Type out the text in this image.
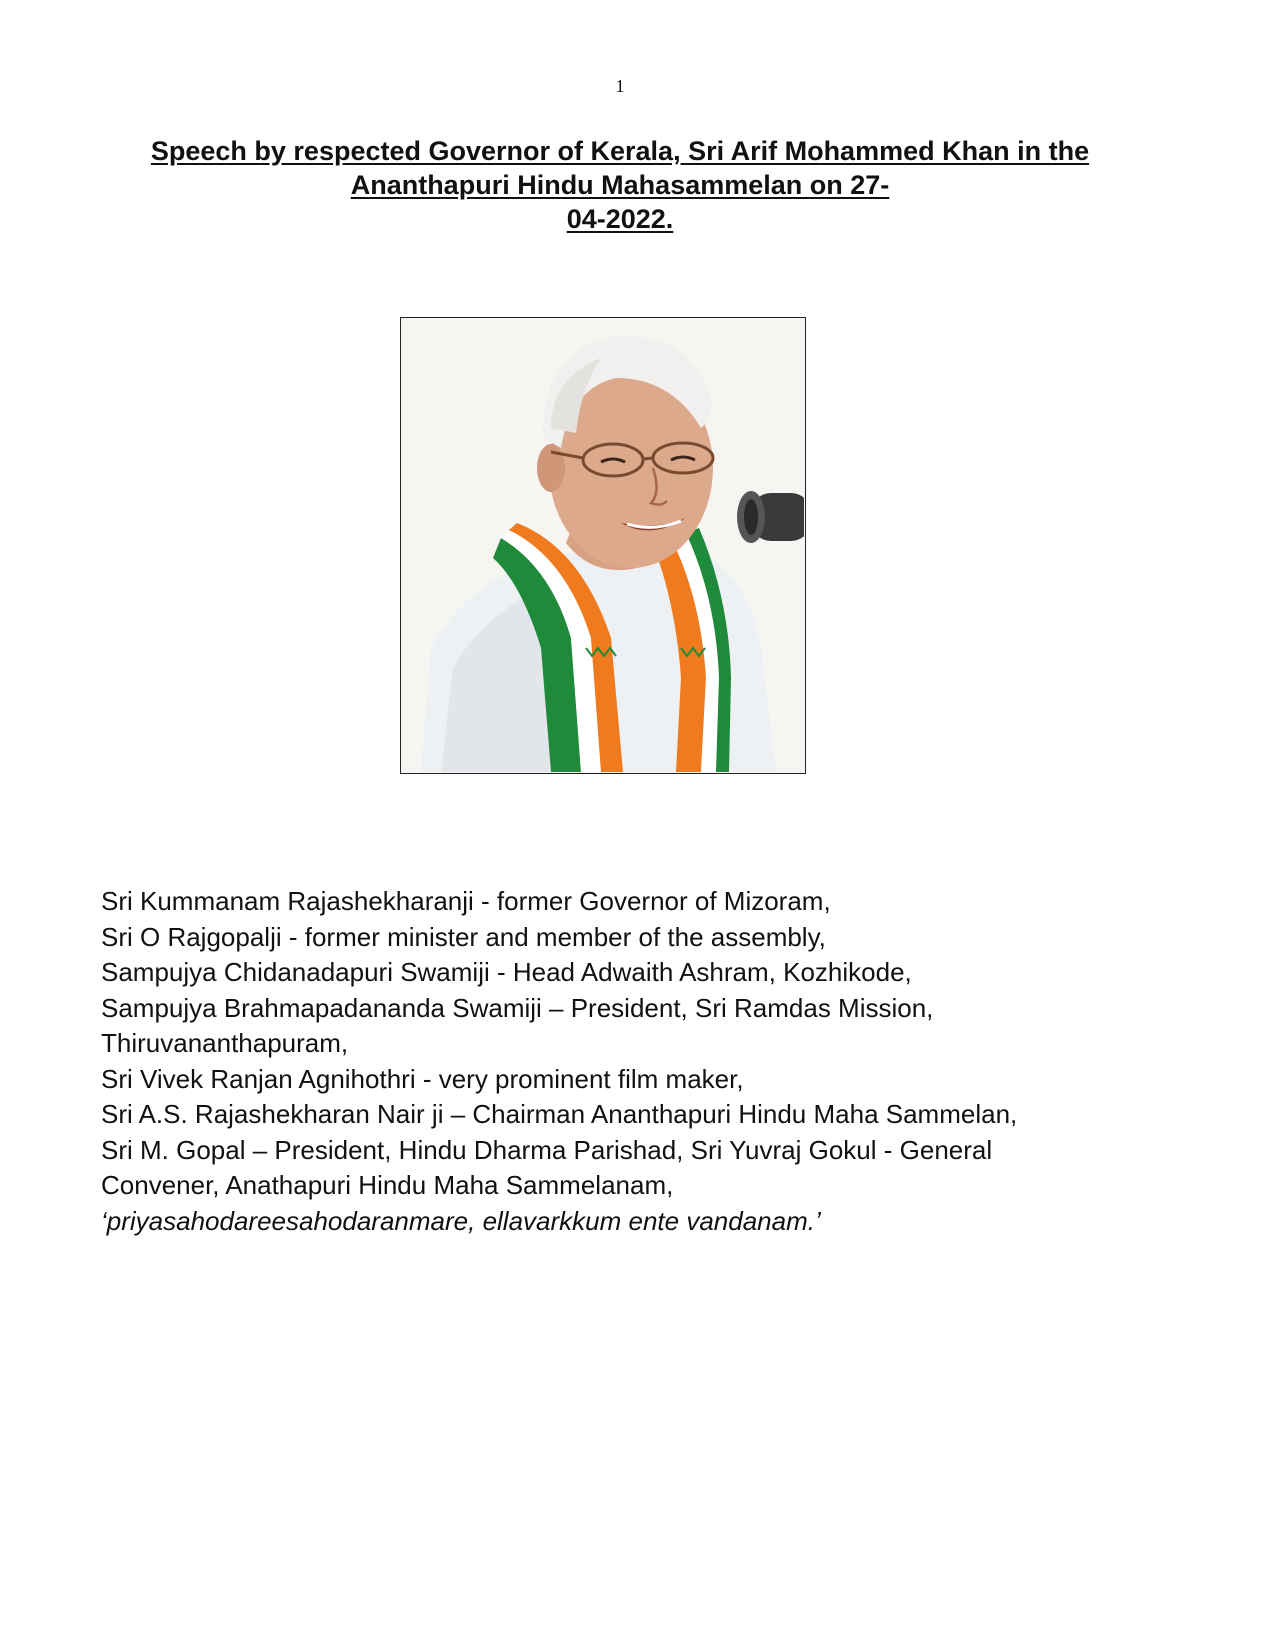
1
Speech by respected Governor of Kerala, Sri Arif Mohammed Khan in the
Ananthapuri Hindu Mahasammelan on 27-
04-2022.
Sri Kummanam Rajashekharanji - former Governor of Mizoram,
Sri O Rajgopalji - former minister and member of the assembly,
Sampujya Chidanadapuri Swamiji - Head Adwaith Ashram, Kozhikode,
Sampujya Brahmapadananda Swamiji – President, Sri Ramdas Mission,
Thiruvananthapuram,
Sri Vivek Ranjan Agnihothri - very prominent film maker,
Sri A.S. Rajashekharan Nair ji – Chairman Ananthapuri Hindu Maha Sammelan,
Sri M. Gopal – President, Hindu Dharma Parishad, Sri Yuvraj Gokul - General
Convener, Anathapuri Hindu Maha Sammelanam,
‘priyasahodareesahodaranmare, ellavarkkum ente vandanam.’
